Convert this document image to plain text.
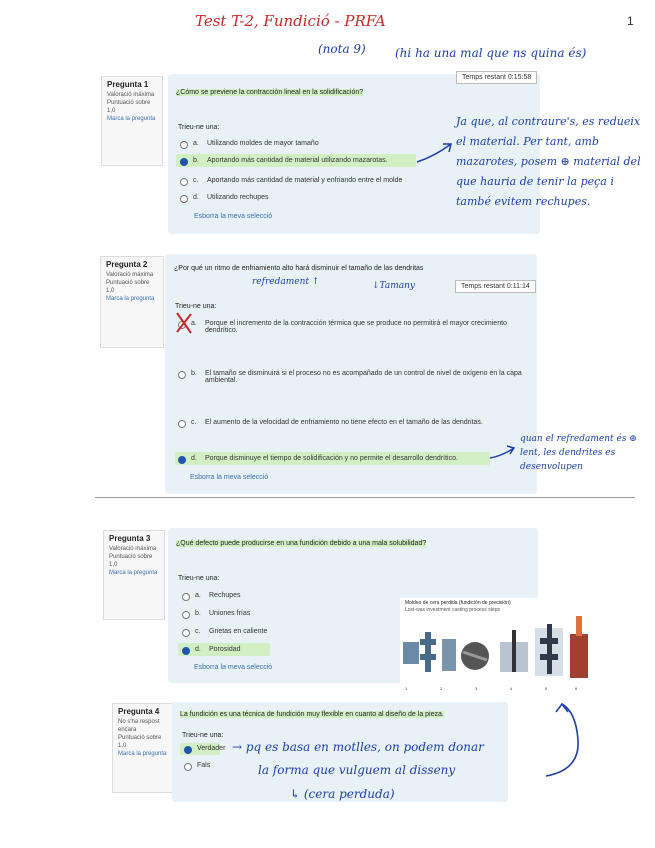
Test T-2, Fundició - PRFA	1
(nota 9) (hi ha una mal que ns quina és)
Pregunta 1
Valoració máxima
Puntuació sobre
1,0
Marca la pregunta
Temps restant 0:15:58
¿Cómo se previene la contracción lineal en la solidificación?
Trieu-ne una:
a.	Utilizando moldes de mayor tamaño
b.	Aportando más cantidad de material utilizando mazarotas.
c.	Aportando más cantidad de material y enfriando entre el molde
d.	Utilizando rechupes
Esborra la meva selecció
Ja que, al contraure's, es redueix el material. Per tant, amb mazarotes, posem ⊕ material del que hauria de tenir la peça i també evitem rechupes.
Pregunta 2
Valoració máxima
Puntuació sobre
1,0
Marca la pregunta
Temps restant 0:11:14
¿Por qué un ritmo de enfriamiento alto hará disminuir el tamaño de las dendritas
refredament ↑	↓Tamany
Trieu-ne una:
a.	Porque el incremento de la contracción térmica que se produce no permitirá el mayor crecimiento dendrítico.
b.	El tamaño se disminuirá si el proceso no es acompañado de un control de nivel de oxígeno en la capa ambiental.
c.	El aumento de la velocidad de enfriamiento no tiene efecto en el tamaño de las dendritas.
d.	Porque disminuye el tiempo de solidificación y no permite el desarrollo dendrítico.
Esborra la meva selecció
quan el refredament és ⊕ lent, les dendrites es desenvolupen
Pregunta 3
Valoració máxima
Puntuació sobre
1,0
Marca la pregunta
¿Qué defecto puede producirse en una fundición debido a una mala solubilidad?
Trieu-ne una:
a.	Rechupes
b.	Uniones frías
c.	Grietas en caliente
d.	Porosidad
Esborra la meva selecció
Moldeo de cera perdida (fundición de precisión)
Lost-wax investment casting process steps
1	2	3	4	5	6
Pregunta 4
No s'ha respost encara
Puntuació sobre
1,0
Marca la pregunta
La fundición es una técnica de fundición muy flexible en cuanto al diseño de la pieza.
Trieu-ne una:
Verdader
Fals
→ pq es basa en motlles, on podem donar
la forma que vulguem al disseny
↳ (cera perduda)
